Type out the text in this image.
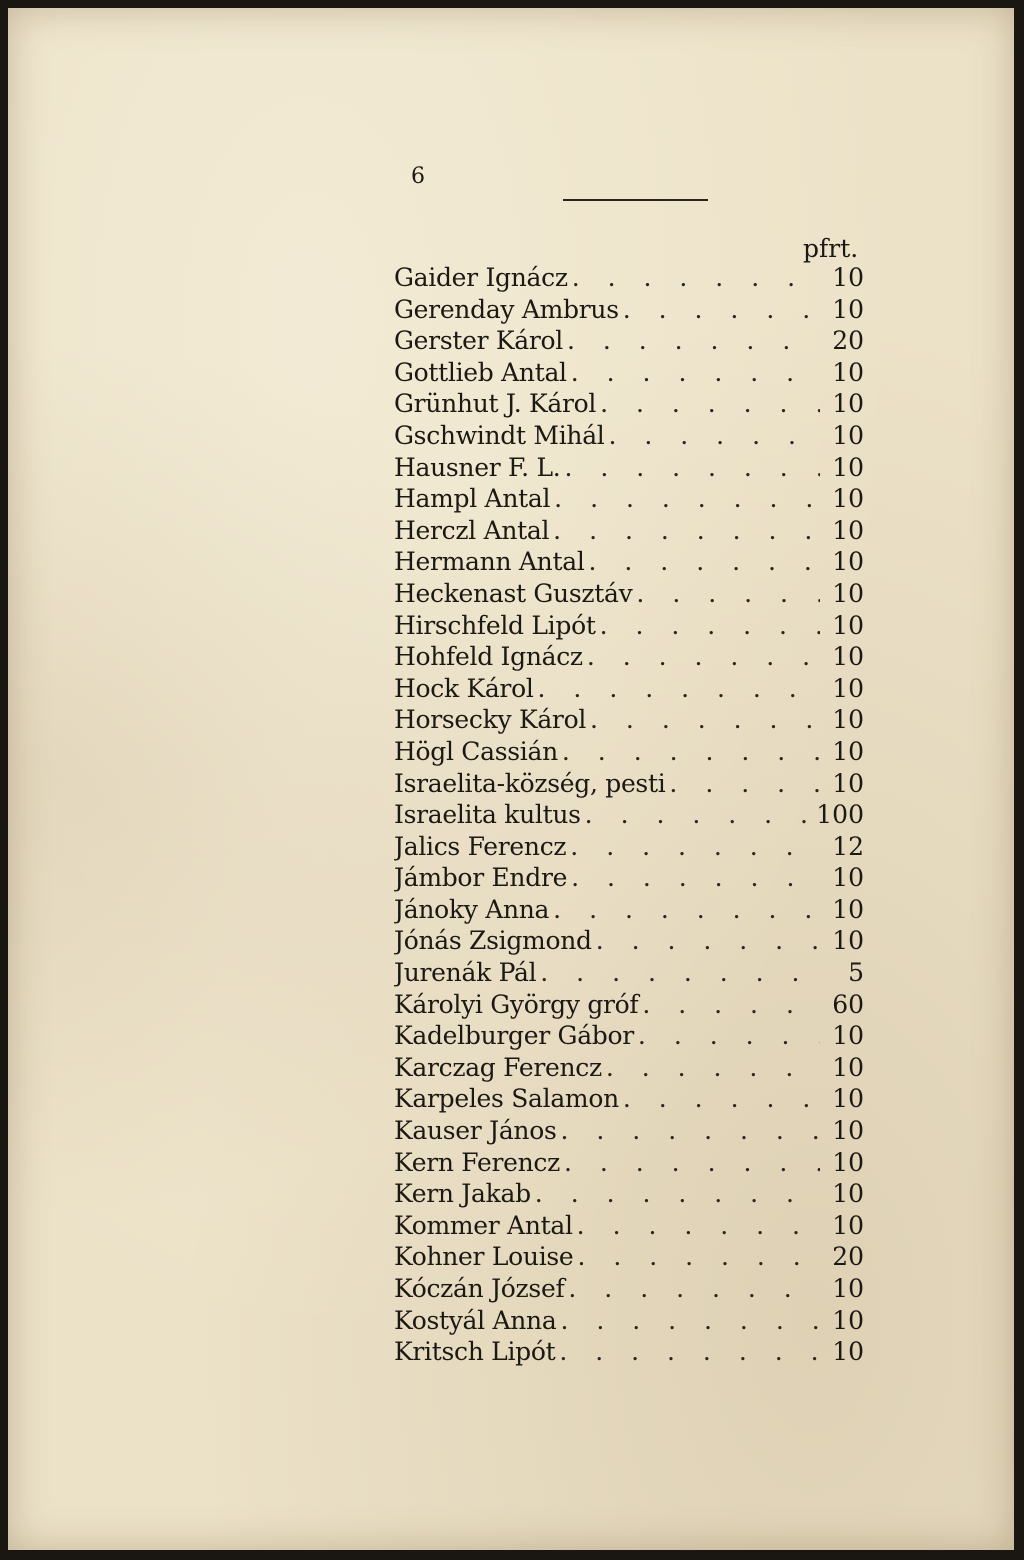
6
pfrt.
Gaider Ignácz . . .	10
Gerenday Ambrus . . .	10
Gerster Károl . . .	20
Gottlieb Antal . . .	10
Grünhut J. Károl . . .	10
Gschwindt Mihál . . .	10
Hausner F. L. . . .	10
Hampl Antal . . .	10
Herczl Antal . . .	10
Hermann Antal . . .	10
Heckenast Gusztáv . . .	10
Hirschfeld Lipót . . .	10
Hohfeld Ignácz . . .	10
Hock Károl . . .	10
Horsecky Károl . . .	10
Högl Cassián . . .	10
Israelita-község, pesti . . .	10
Israelita kultus . . .	100
Jalics Ferencz . . .	12
Jámbor Endre . . .	10
Jánoky Anna . . .	10
Jónás Zsigmond . . .	10
Jurenák Pál . . .	5
Károlyi György gróf . . .	60
Kadelburger Gábor . . .	10
Karczag Ferencz . . .	10
Karpeles Salamon . . .	10
Kauser János . . .	10
Kern Ferencz . . .	10
Kern Jakab . . .	10
Kommer Antal . . .	10
Kohner Louise . . .	20
Kóczán József . . .	10
Kostyál Anna . . .	10
Kritsch Lipót . . .	10
